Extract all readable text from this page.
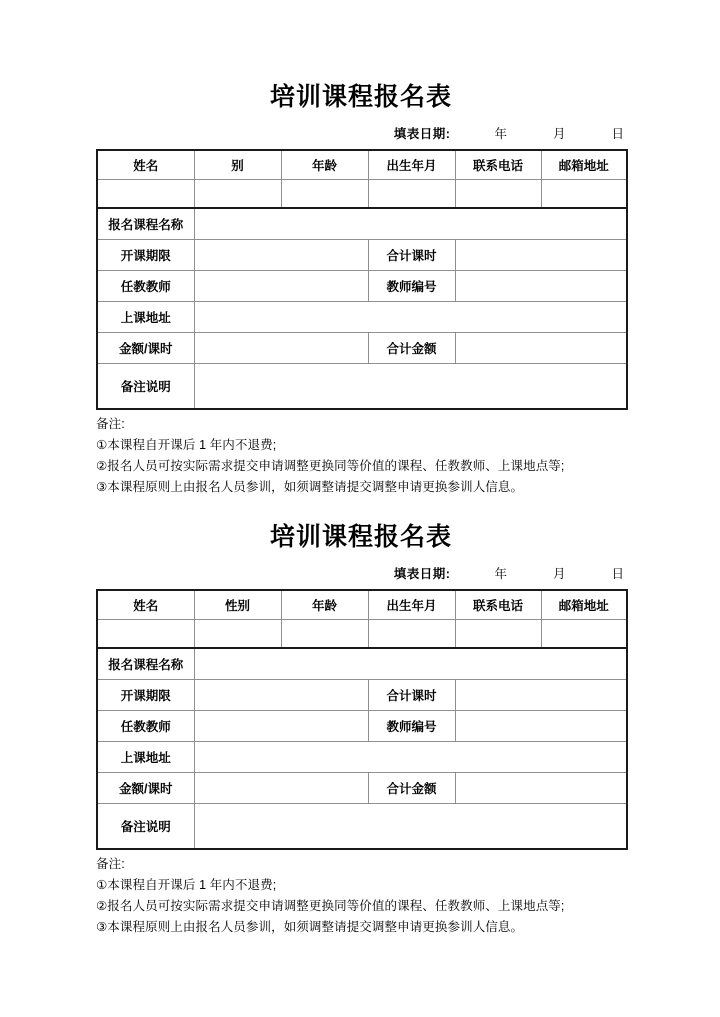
培训课程报名表
填表日期:	年	月	日
姓名	别	年龄	出生年月	联系电话	邮箱地址

报名课程名称					
开课期限			合计课时		
任教教师			教师编号		
上课地址					
金额/课时			合计金额		
备注说明					
备注:
①本课程自开课后 1 年内不退费;
②报名人员可按实际需求提交申请调整更换同等价值的课程、任教教师、上课地点等;
③本课程原则上由报名人员参训，如须调整请提交调整申请更换参训人信息。
培训课程报名表
填表日期:	年	月	日
姓名	性别	年龄	出生年月	联系电话	邮箱地址

报名课程名称					
开课期限			合计课时		
任教教师			教师编号		
上课地址					
金额/课时			合计金额		
备注说明					
备注:
①本课程自开课后 1 年内不退费;
②报名人员可按实际需求提交申请调整更换同等价值的课程、任教教师、上课地点等;
③本课程原则上由报名人员参训，如须调整请提交调整申请更换参训人信息。
